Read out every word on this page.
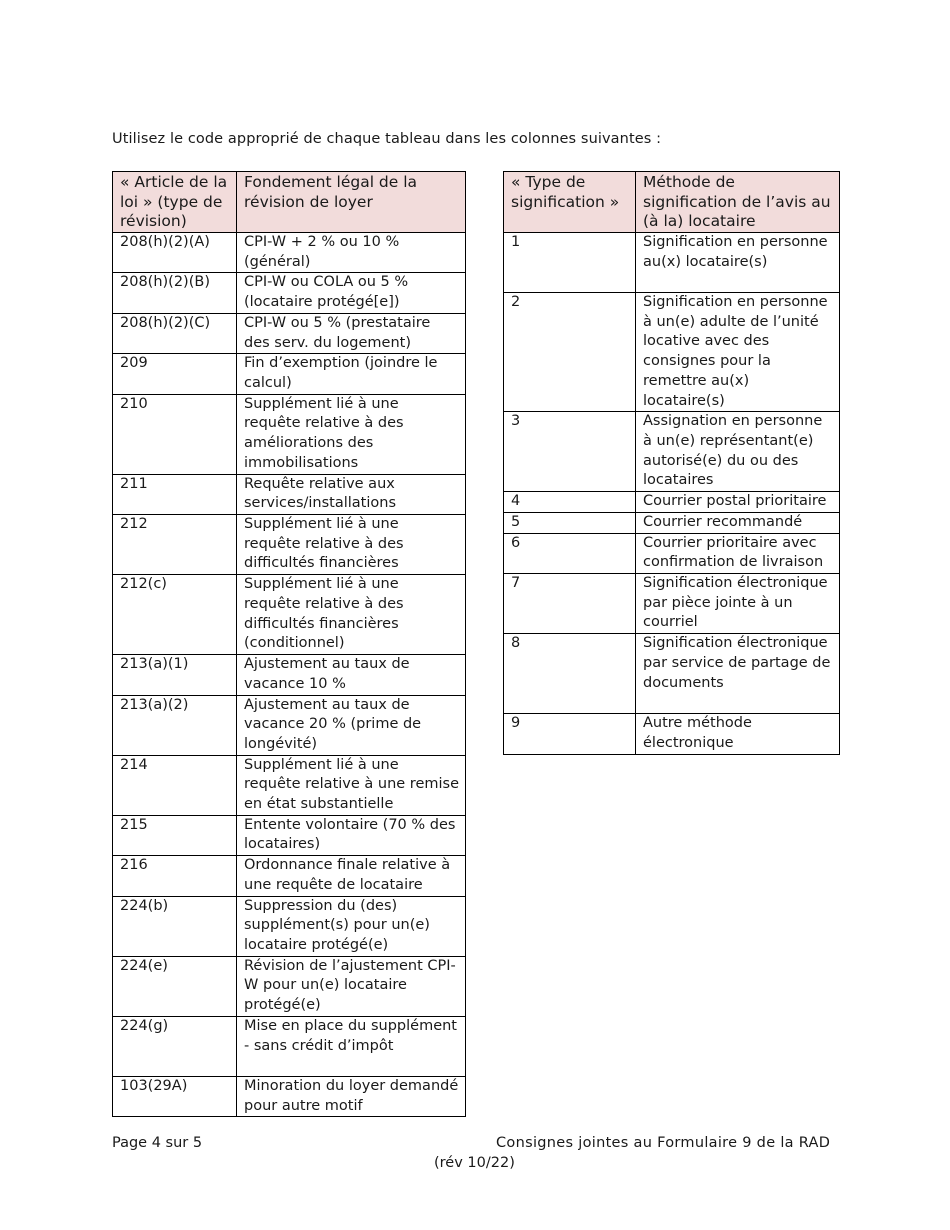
Utilisez le code approprié de chaque tableau dans les colonnes suivantes :
« Article de la loi » (type de révision)	Fondement légal de la révision de loyer
208(h)(2)(A)	CPI-W + 2 % ou 10 % (général)
208(h)(2)(B)	CPI-W ou COLA ou 5 % (locataire protégé[e])
208(h)(2)(C)	CPI-W ou 5 % (prestataire des serv. du logement)
209	Fin d’exemption (joindre le calcul)
210	Supplément lié à une requête relative à des améliorations des immobilisations
211	Requête relative aux services/installations
212	Supplément lié à une requête relative à des difficultés financières
212(c)	Supplément lié à une requête relative à des difficultés financières (conditionnel)
213(a)(1)	Ajustement au taux de vacance 10 %
213(a)(2)	Ajustement au taux de vacance 20 % (prime de longévité)
214	Supplément lié à une requête relative à une remise en état substantielle
215	Entente volontaire (70 % des locataires)
216	Ordonnance finale relative à une requête de locataire
224(b)	Suppression du (des) supplément(s) pour un(e) locataire protégé(e)
224(e)	Révision de l’ajustement CPI-W pour un(e) locataire protégé(e)
224(g)	Mise en place du supplément - sans crédit d’impôt
103(29A)	Minoration du loyer demandé pour autre motif
« Type de signification »	Méthode de signification de l’avis au (à la) locataire
1	Signification en personne au(x) locataire(s)
2	Signification en personne à un(e) adulte de l’unité locative avec des consignes pour la remettre au(x) locataire(s)
3	Assignation en personne à un(e) représentant(e) autorisé(e) du ou des locataires
4	Courrier postal prioritaire
5	Courrier recommandé
6	Courrier prioritaire avec confirmation de livraison
7	Signification électronique par pièce jointe à un courriel
8	Signification électronique par service de partage de documents
9	Autre méthode électronique
Page 4 sur 5	Consignes jointes au Formulaire 9 de la RAD
(rév 10/22)
